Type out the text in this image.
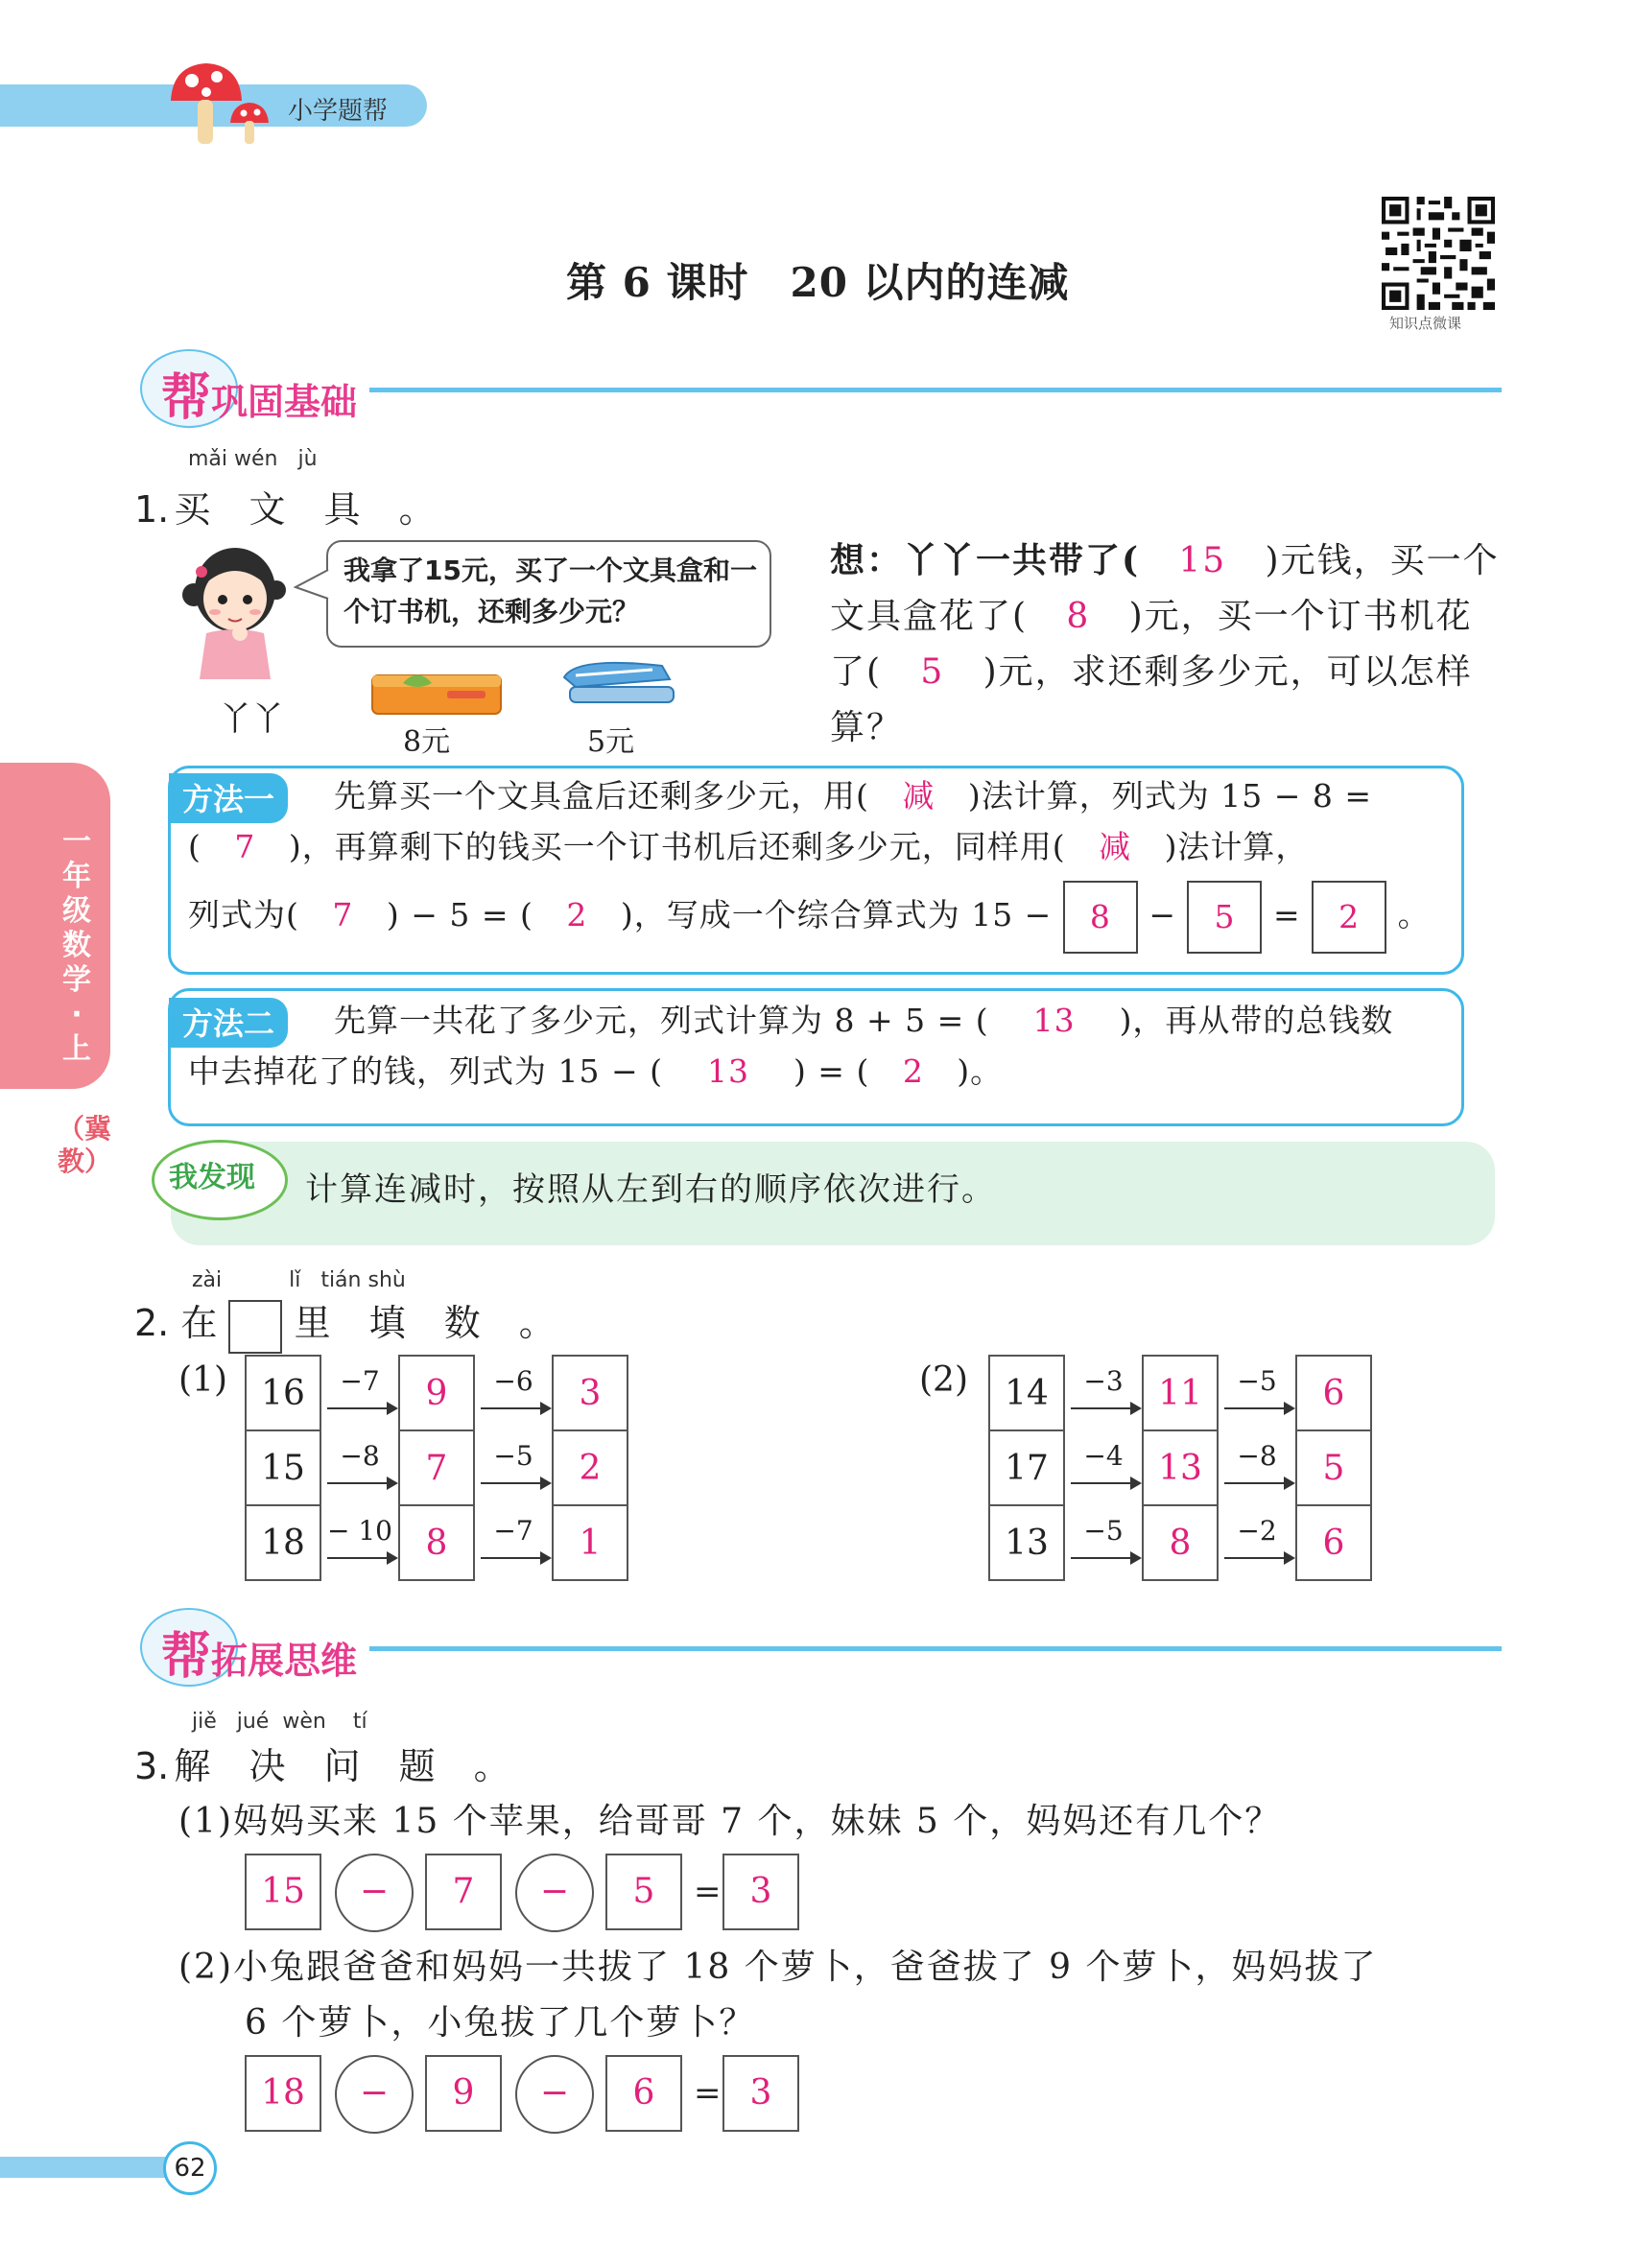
小学题帮
第 6 课时　20 以内的连减
知识点微课
帮巩固基础
一年级数学·上
（冀教）
mǎi wén jù
1. 买 文 具 。
丫丫
我拿了15元，买了一个文具盒和一个订书机，还剩多少元？
8元	5元
想：丫丫一共带了( 15 )元钱，买一个文具盒花了( 8 )元，买一个订书机花了( 5 )元，求还剩多少元，可以怎样算？
方法一	先算买一个文具盒后还剩多少元，用( 减 )法计算，列式为 15 − 8 =
( 7 )，再算剩下的钱买一个订书机后还剩多少元，同样用( 减 )法计算，
列式为( 7 ) − 5 = ( 2 )，写成一个综合算式为 15 − 8 − 5 = 2 。
方法二	先算一共花了多少元，列式计算为 8 + 5 = ( 13 )，再从带的总钱数
中去掉花了的钱，列式为 15 − ( 13 ) = ( 2 )。
我发现 计算连减时，按照从左到右的顺序依次进行。
zài	lǐ tián shù
2. 在 里 填 数 。
(1) 16	−7	9	−6	3
15	−8	7	−5	2
18	− 10	8	−7	1
(2) 14	−3	11	−5	6
17	−4	13	−8	5
13	−5	8	−2	6
帮拓展思维
jiě jué wèn tí
3. 解 决 问 题 。
(1)妈妈买来 15 个苹果，给哥哥 7 个，妹妹 5 个，妈妈还有几个？
15	−	7	−	5	= 3
(2)小兔跟爸爸和妈妈一共拔了 18 个萝卜，爸爸拔了 9 个萝卜，妈妈拔了
6 个萝卜，小兔拔了几个萝卜？
18	−	9	−	6	= 3
62
